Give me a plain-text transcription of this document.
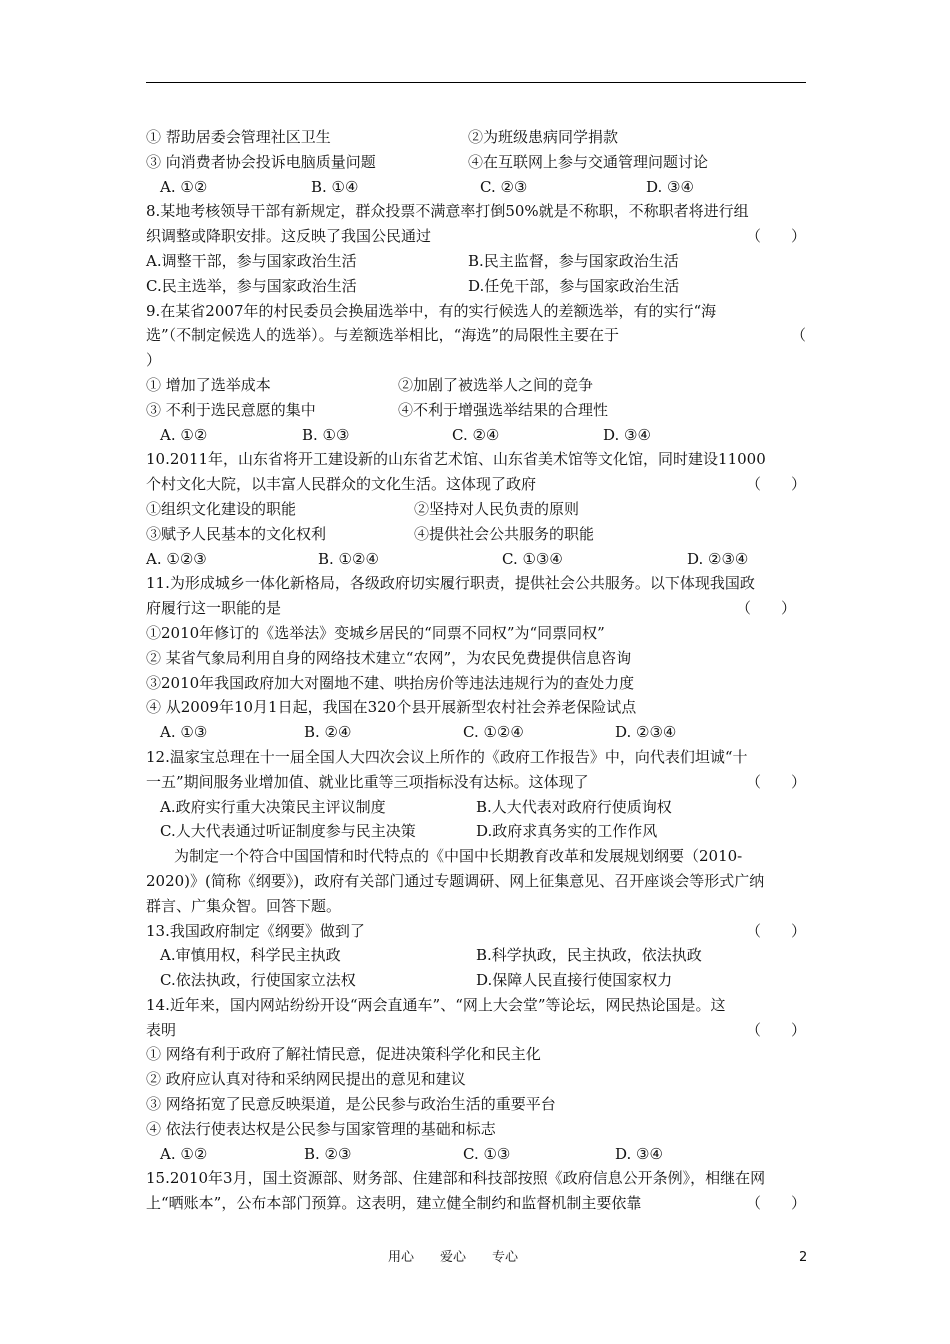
① 帮助居委会管理社区卫生	②为班级患病同学捐款
③ 向消费者协会投诉电脑质量问题	④在互联网上参与交通管理问题讨论
A. ①②	B. ①④	C. ②③	D. ③④
8.某地考核领导干部有新规定，群众投票不满意率打倒50%就是不称职，不称职者将进行组
织调整或降职安排。这反映了我国公民通过	（　　）
A.调整干部，参与国家政治生活	B.民主监督，参与国家政治生活
C.民主选举，参与国家政治生活	D.任免干部，参与国家政治生活
9.在某省2007年的村民委员会换届选举中，有的实行候选人的差额选举，有的实行“海
选”（不制定候选人的选举）。与差额选举相比，“海选”的局限性主要在于	（
）
① 增加了选举成本	②加剧了被选举人之间的竞争
③ 不利于选民意愿的集中	④不利于增强选举结果的合理性
A. ①②	B. ①③	C. ②④	D. ③④
10.2011年，山东省将开工建设新的山东省艺术馆、山东省美术馆等文化馆，同时建设11000
个村文化大院，以丰富人民群众的文化生活。这体现了政府	（　　）
①组织文化建设的职能	②坚持对人民负责的原则
③赋予人民基本的文化权利	④提供社会公共服务的职能
A. ①②③	B. ①②④	C. ①③④	D. ②③④
11.为形成城乡一体化新格局，各级政府切实履行职责，提供社会公共服务。以下体现我国政
府履行这一职能的是	（　　）
①2010年修订的《选举法》变城乡居民的“同票不同权”为“同票同权”
② 某省气象局利用自身的网络技术建立“农网”，为农民免费提供信息咨询
③2010年我国政府加大对圈地不建、哄抬房价等违法违规行为的查处力度
④ 从2009年10月1日起，我国在320个县开展新型农村社会养老保险试点
A. ①③	B. ②④	C. ①②④	D. ②③④
12.温家宝总理在十一届全国人大四次会议上所作的《政府工作报告》中，向代表们坦诚“十
一五”期间服务业增加值、就业比重等三项指标没有达标。这体现了	（　　）
A.政府实行重大决策民主评议制度	B.人大代表对政府行使质询权
C.人大代表通过听证制度参与民主决策	D.政府求真务实的工作作风
为制定一个符合中国国情和时代特点的《中国中长期教育改革和发展规划纲要（2010-
2020)》(简称《纲要》)，政府有关部门通过专题调研、网上征集意见、召开座谈会等形式广纳
群言、广集众智。回答下题。
13.我国政府制定《纲要》做到了	（　　）
A.审慎用权，科学民主执政	B.科学执政，民主执政，依法执政
C.依法执政，行使国家立法权	D.保障人民直接行使国家权力
14.近年来，国内网站纷纷开设“两会直通车”、“网上大会堂”等论坛，网民热论国是。这
表明	（　　）
① 网络有利于政府了解社情民意，促进决策科学化和民主化
② 政府应认真对待和采纳网民提出的意见和建议
③ 网络拓宽了民意反映渠道，是公民参与政治生活的重要平台
④ 依法行使表达权是公民参与国家管理的基础和标志
A. ①②	B. ②③	C. ①③	D. ③④
15.2010年3月，国土资源部、财务部、住建部和科技部按照《政府信息公开条例》，相继在网
上“晒账本”，公布本部门预算。这表明，建立健全制约和监督机制主要依靠	（　　）
用心　　爱心　　专心	2
